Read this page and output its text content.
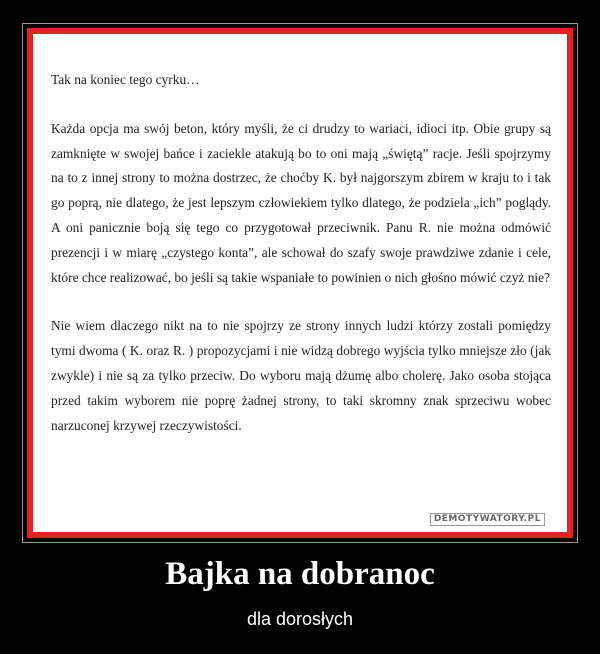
Tak na koniec tego cyrku…

Każda opcja ma swój beton, który myśli, że ci drudzy to wariaci, idioci itp. Obie grupy są zamknięte w swojej bańce i zaciekle atakują bo to oni mają „świętą” racje. Jeśli spojrzymy na to z innej strony to można dostrzec, że choćby K. był najgorszym zbirem w kraju to i tak go poprą, nie dlatego, że jest lepszym człowiekiem tylko dlatego, że podziela „ich” poglądy. A oni panicznie boją się tego co przygotował przeciwnik. Panu R. nie można odmówić prezencji i w miarę „czystego konta”, ale schował do szafy swoje prawdziwe zdanie i cele, które chce realizować, bo jeśli są takie wspaniałe to powinien o nich głośno mówić czyż nie?

Nie wiem dlaczego nikt na to nie spojrzy ze strony innych ludzi którzy zostali pomiędzy tymi dwoma ( K. oraz R. ) propozycjami i nie widzą dobrego wyjścia tylko mniejsze zło (jak zwykle) i nie są za tylko przeciw. Do wyboru mają dżumę albo cholerę. Jako osoba stojąca przed takim wyborem nie poprę żadnej strony, to taki skromny znak sprzeciwu wobec narzuconej krzywej rzeczywistości.

DEMOTYWATORY.PL
Bajka na dobranoc

dla dorosłych
